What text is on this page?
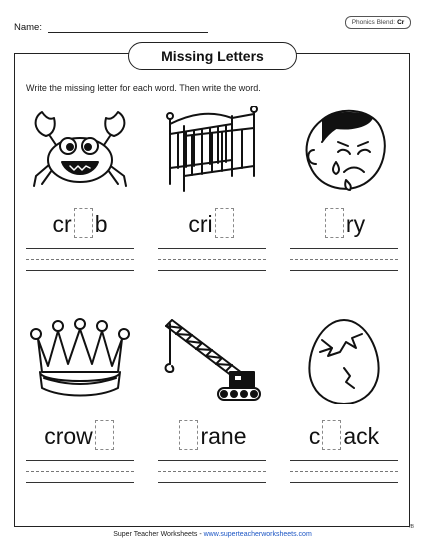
Name:	Phonics Blend: Cr
Missing Letters
Write the missing letter for each word. Then write the word.
cr b	cri	ry
crow	rane	c ack
Super Teacher Worksheets - www.superteacherworksheets.com
fB
